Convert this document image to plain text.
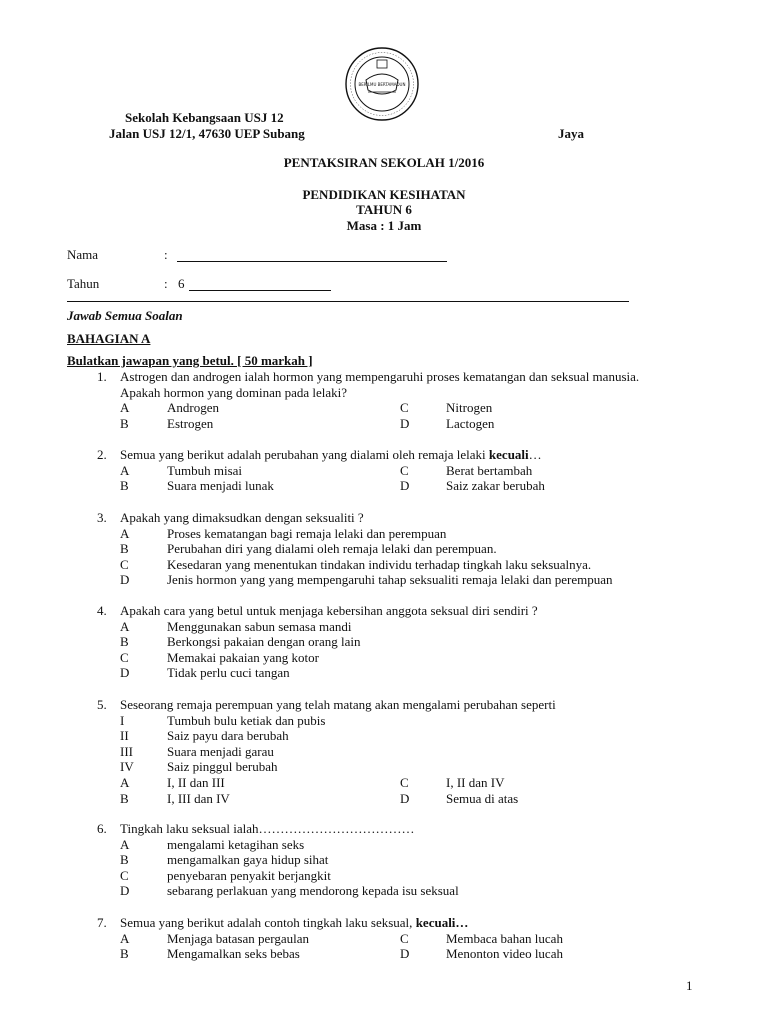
BERILMU BERTAMADUN
Sekolah Kebangsaan USJ 12
Jalan USJ 12/1, 47630 UEP Subang	Jaya
PENTAKSIRAN SEKOLAH 1/2016
PENDIDIKAN KESIHATAN
TAHUN 6
Masa : 1 Jam
Nama	:
Tahun	: 6
Jawab Semua Soalan
BAHAGIAN A
Bulatkan jawapan yang betul. [ 50 markah ]
1. Astrogen dan androgen ialah hormon yang mempengaruhi proses kematangan dan seksual manusia.
Apakah hormon yang dominan pada lelaki?
A	Androgen	C	Nitrogen
B	Estrogen	D	Lactogen
2. Semua yang berikut adalah perubahan yang dialami oleh remaja lelaki kecuali…
A	Tumbuh misai	C	Berat bertambah
B	Suara menjadi lunak	D	Saiz zakar berubah
3. Apakah yang dimaksudkan dengan seksualiti ?
A	Proses kematangan bagi remaja lelaki dan perempuan
B	Perubahan diri yang dialami oleh remaja lelaki dan perempuan.
C	Kesedaran yang menentukan tindakan individu terhadap tingkah laku seksualnya.
D	Jenis hormon yang yang mempengaruhi tahap seksualiti remaja lelaki dan perempuan
4. Apakah cara yang betul untuk menjaga kebersihan anggota seksual diri sendiri ?
A	Menggunakan sabun semasa mandi
B	Berkongsi pakaian dengan orang lain
C	Memakai pakaian yang kotor
D	Tidak perlu cuci tangan
5. Seseorang remaja perempuan yang telah matang akan mengalami perubahan seperti
I	Tumbuh bulu ketiak dan pubis
II	Saiz payu dara berubah
III	Suara menjadi garau
IV	Saiz pinggul berubah
A	I, II dan III	C	I, II dan IV
B	I, III dan IV	D	Semua di atas
6. Tingkah laku seksual ialah………………………………
A	mengalami ketagihan seks
B	mengamalkan gaya hidup sihat
C	penyebaran penyakit berjangkit
D	sebarang perlakuan yang mendorong kepada isu seksual
7. Semua yang berikut adalah contoh tingkah laku seksual, kecuali…
A	Menjaga batasan pergaulan	C	Membaca bahan lucah
B	Mengamalkan seks bebas	D	Menonton video lucah
1
